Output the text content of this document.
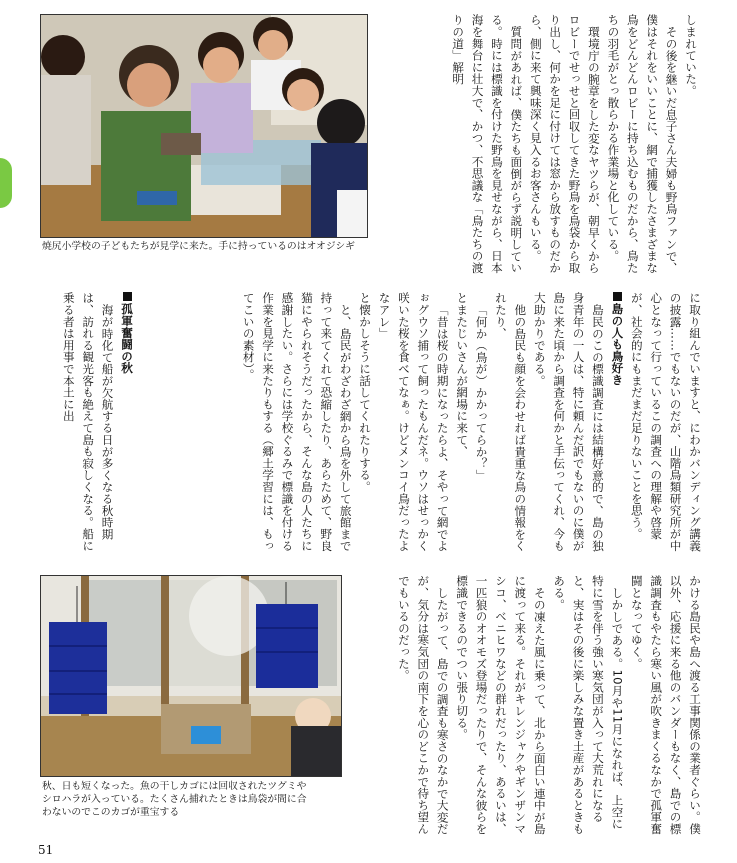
焼尻小学校の子どもたちが見学に来た。手に持っているのはオオジシギ

しまれていた。

その後を継いだ息子さん夫婦も野鳥ファンで、僕はそれをいいことに、網で捕獲したさまざまな鳥をどんどんロビーに持ち込むものだから、鳥たちの羽毛がとっ散らかる作業場と化している。

環境庁の腕章をした変なヤツらが、朝早くからロビーでせっせと回収してきた野鳥を鳥袋から取り出し、何かを足に付けては窓から放すものだから、側に来て興味深く見入るお客さんもいる。

質問があれば、僕たちも面倒がらず説明している。時には標識を付けた野鳥を見せながら、日本海を舞台に壮大で、かつ、不思議な「鳥たちの渡りの道」解明

に取り組んでいますと、にわかバンディング講義の披露……でもないのだが、山階鳥類研究所が中心となって行っているこの調査への理解や啓蒙が、社会的にもまだまだ足りないことを思う。

島の人も鳥好き

島民のこの標識調査には結構好意的で、島の独身青年の一人は、特に頼んだ訳でもないのに僕が島に来た頃から調査を何かと手伝ってくれ、今も大助かりである。

他の島民も顔を会わせれば貴重な鳥の情報をくれたり、

「何か（鳥が）かかってらか？」

とまたじいさんが網場に来て、

「昔は桜の時期になったらよ、そやって網でよぉグウソ捕って飼ったもんだネ。ウソはせっかく咲いた桜を食べてなぁ。けどメンコイ鳥だったよなアレ」

と懐かしそうに話してくれたりする。

と、島民がわざわざ網から鳥を外して旅館まで持って来てくれて恐縮したり、あらためて、野良猫にやられそうだったから、そんな島の人たちに感謝したい。さらには学校ぐるみで標識を付ける作業を見学に来たりもする（郷土学習には、もってこいの素材）。

孤軍奮闘の秋

海が時化て船が欠航する日が多くなる秋時期は、訪れる観光客も絶えて島も寂しくなる。船に乗る者は用事で本土に出

秋、日も短くなった。魚の干しカゴには回収されたツグミや
シロハラが入っている。たくさん捕れたときは鳥袋が間に合
わないのでこのカゴが重宝する	かける島民や島へ渡る工事関係の業者ぐらい。僕以外、応援に来る他のバンダーもなく、島での標識調査もやたら寒い風が吹きまくるなかで孤軍奮闘となってゆく。

しかしである。10月や11月になれば、上空に特に雪を伴う強い寒気団が入って大荒れになると、実はその後に楽しみな置き土産があるときもある。

その凍えた風に乗って、北から面白い連中が島に渡って来る。それがキレンジャクやギンザンマシコ、ベニヒワなどの群れだったり、あるいは、一匹狼のオオモズ登場だったりで、そんな彼らを標識できるのでつい張り切る。

したがって、島での調査も寒さのなかで大変だが、気分は寒気団の南下を心のどこかで待ち望んでもいるのだった。

51
